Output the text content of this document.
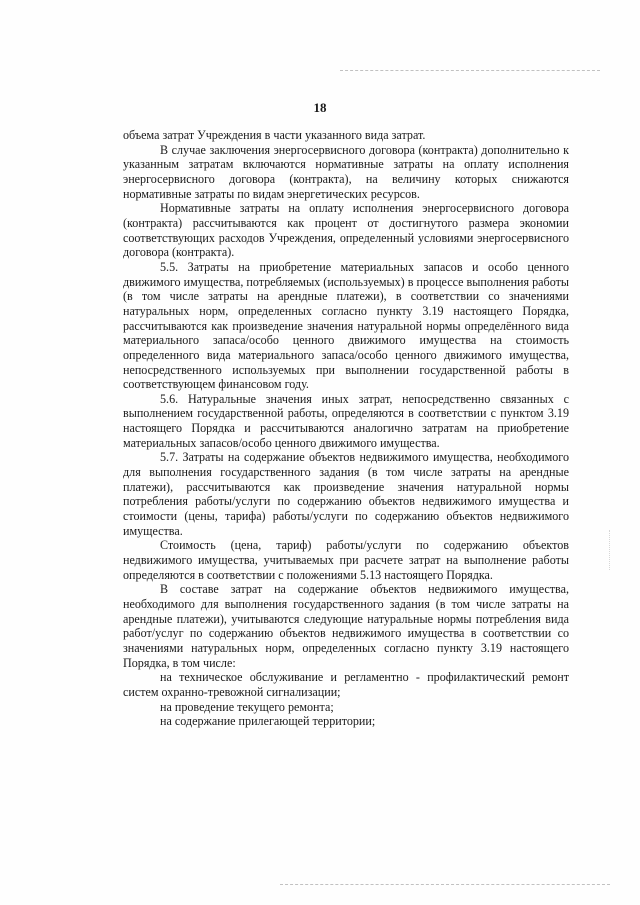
18

объема затрат Учреждения в части указанного вида затрат.

В случае заключения энергосервисного договора (контракта) дополнительно к указанным затратам включаются нормативные затраты на оплату исполнения энергосервисного договора (контракта), на величину которых снижаются нормативные затраты по видам энергетических ресурсов.

Нормативные затраты на оплату исполнения энергосервисного договора (контракта) рассчитываются как процент от достигнутого размера экономии соответствующих расходов Учреждения, определенный условиями энергосервисного договора (контракта).

5.5. Затраты на приобретение материальных запасов и особо ценного движимого имущества, потребляемых (используемых) в процессе выполнения работы (в том числе затраты на арендные платежи), в соответствии со значениями натуральных норм, определенных согласно пункту 3.19 настоящего Порядка, рассчитываются как произведение значения натуральной нормы определённого вида материального запаса/особо ценного движимого имущества на стоимость определенного вида материального запаса/особо ценного движимого имущества, непосредственного используемых при выполнении государственной работы в соответствующем финансовом году.

5.6. Натуральные значения иных затрат, непосредственно связанных с выполнением государственной работы, определяются в соответствии с пунктом 3.19 настоящего Порядка и рассчитываются аналогично затратам на приобретение материальных запасов/особо ценного движимого имущества.

5.7. Затраты на содержание объектов недвижимого имущества, необходимого для выполнения государственного задания (в том числе затраты на арендные платежи), рассчитываются как произведение значения натуральной нормы потребления работы/услуги по содержанию объектов недвижимого имущества и стоимости (цены, тарифа) работы/услуги по содержанию объектов недвижимого имущества.

Стоимость (цена, тариф) работы/услуги по содержанию объектов недвижимого имущества, учитываемых при расчете затрат на выполнение работы определяются в соответствии с положениями 5.13 настоящего Порядка.

В составе затрат на содержание объектов недвижимого имущества, необходимого для выполнения государственного задания (в том числе затраты на арендные платежи), учитываются следующие натуральные нормы потребления вида работ/услуг по содержанию объектов недвижимого имущества в соответствии со значениями натуральных норм, определенных согласно пункту 3.19 настоящего Порядка, в том числе:

на техническое обслуживание и регламентно - профилактический ремонт систем охранно-тревожной сигнализации;

на проведение текущего ремонта;

на содержание прилегающей территории;
